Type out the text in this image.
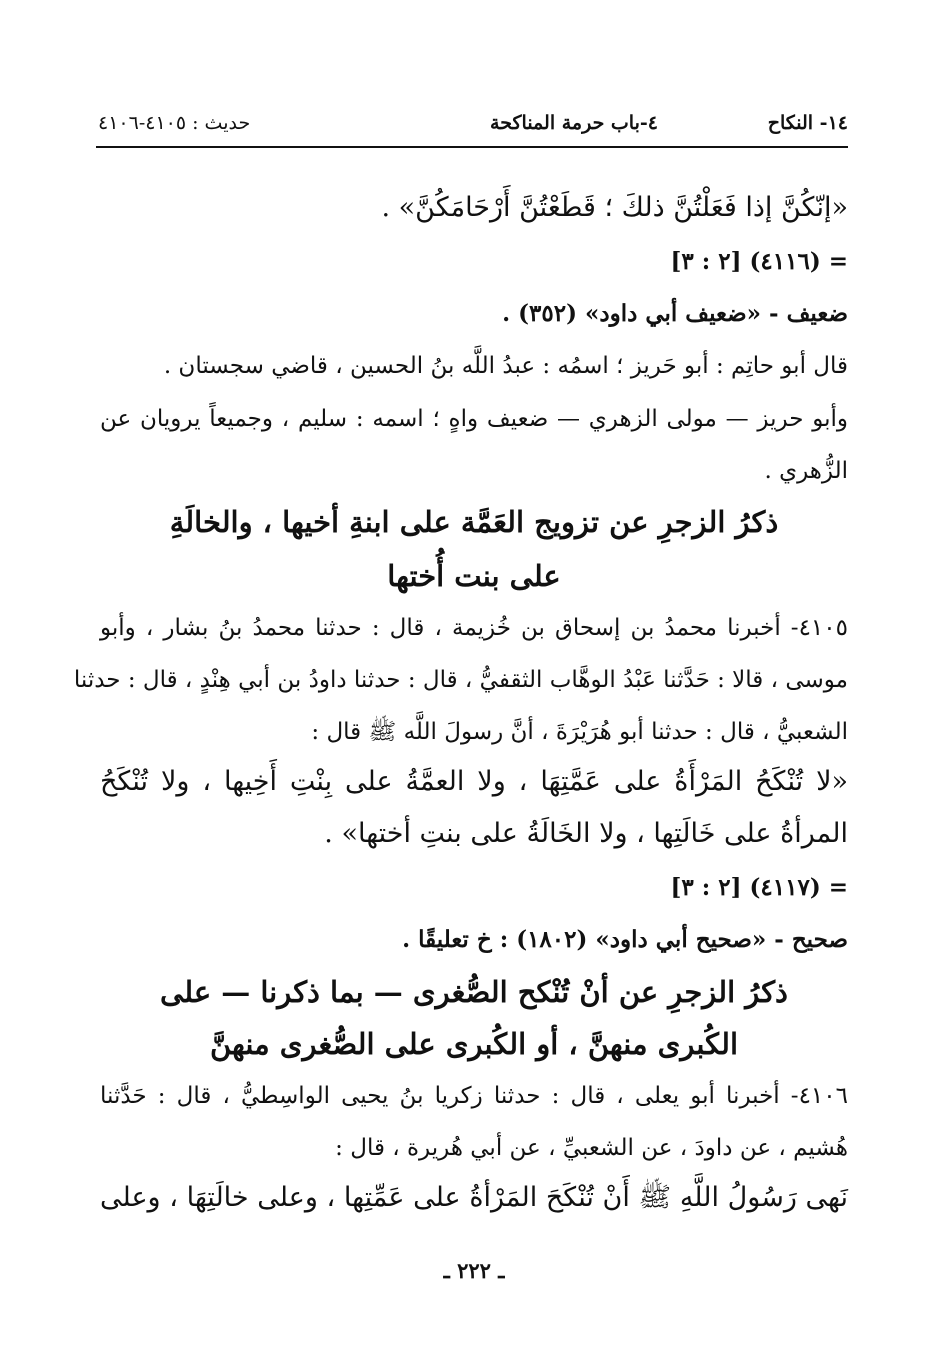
١٤- النكاح
٤-باب حرمة المناكحة
حديث : ٤١٠٥-٤١٠٦
«إنّكُنَّ إذا فَعَلْتُنَّ ذلكَ ؛ قَطَعْتُنَّ أَرْحَامَكُنَّ» .
= (٤١١٦) [٢ : ٣]
ضعيف - «ضعيف أبي داود» (٣٥٢) .
قال أبو حاتِم : أبو حَريز ؛ اسمُه : عبدُ اللَّه بنُ الحسين ، قاضي سجستان .
وأبو حريز — مولى الزهري — ضعيف واهٍ ؛ اسمه : سليم ، وجميعاً يرويان عن
الزُّهري .
٤١٠٥- أخبرنا محمدُ بن إسحاق بن خُزيمة ، قال : حدثنا محمدُ بنُ بشار ، وأبو
موسى ، قالا : حَدَّثنا عَبْدُ الوهَّاب الثقفيُّ ، قال : حدثنا داودُ بن أبي هِنْدٍ ، قال : حدثنا
الشعبيُّ ، قال : حدثنا أبو هُرَيْرَةَ ، أنَّ رسولَ اللَّه ﷺ قال :
«لا تُنْكَحُ المَرْأَةُ على عَمَّتِهَا ، ولا العمَّةُ على بِنْتِ أَخِيها ، ولا تُنْكَحُ
المرأةُ على خَالَتِها ، ولا الخَالَةُ على بنتِ أختها» .
= (٤١١٧) [٢ : ٣]
صحيح - «صحيح أبي داود» (١٨٠٢) : خ تعليقًا .
٤١٠٦- أخبرنا أبو يعلى ، قال : حدثنا زكريا بنُ يحيى الواسِطيُّ ، قال : حَدَّثنا
هُشيم ، عن داودَ ، عن الشعبيِّ ، عن أبي هُريرة ، قال :
نَهى رَسُولُ اللَّهِ ﷺ أَنْ تُنْكَحَ المَرْأةُ على عَمِّتِها ، وعلى خالَتِهَا ، وعلى
ذكرُ الزجرِ عن تزويج العَمَّة على ابنةِ أخيها ، والخالَةِ
على بنت أُختها
ذكرُ الزجرِ عن أنْ تُنْكح الصُّغرى — بما ذكرنا — على
الكُبرى منهنَّ ، أو الكُبرى على الصُّغرى منهنَّ
ـ ٢٢٢ ـ
